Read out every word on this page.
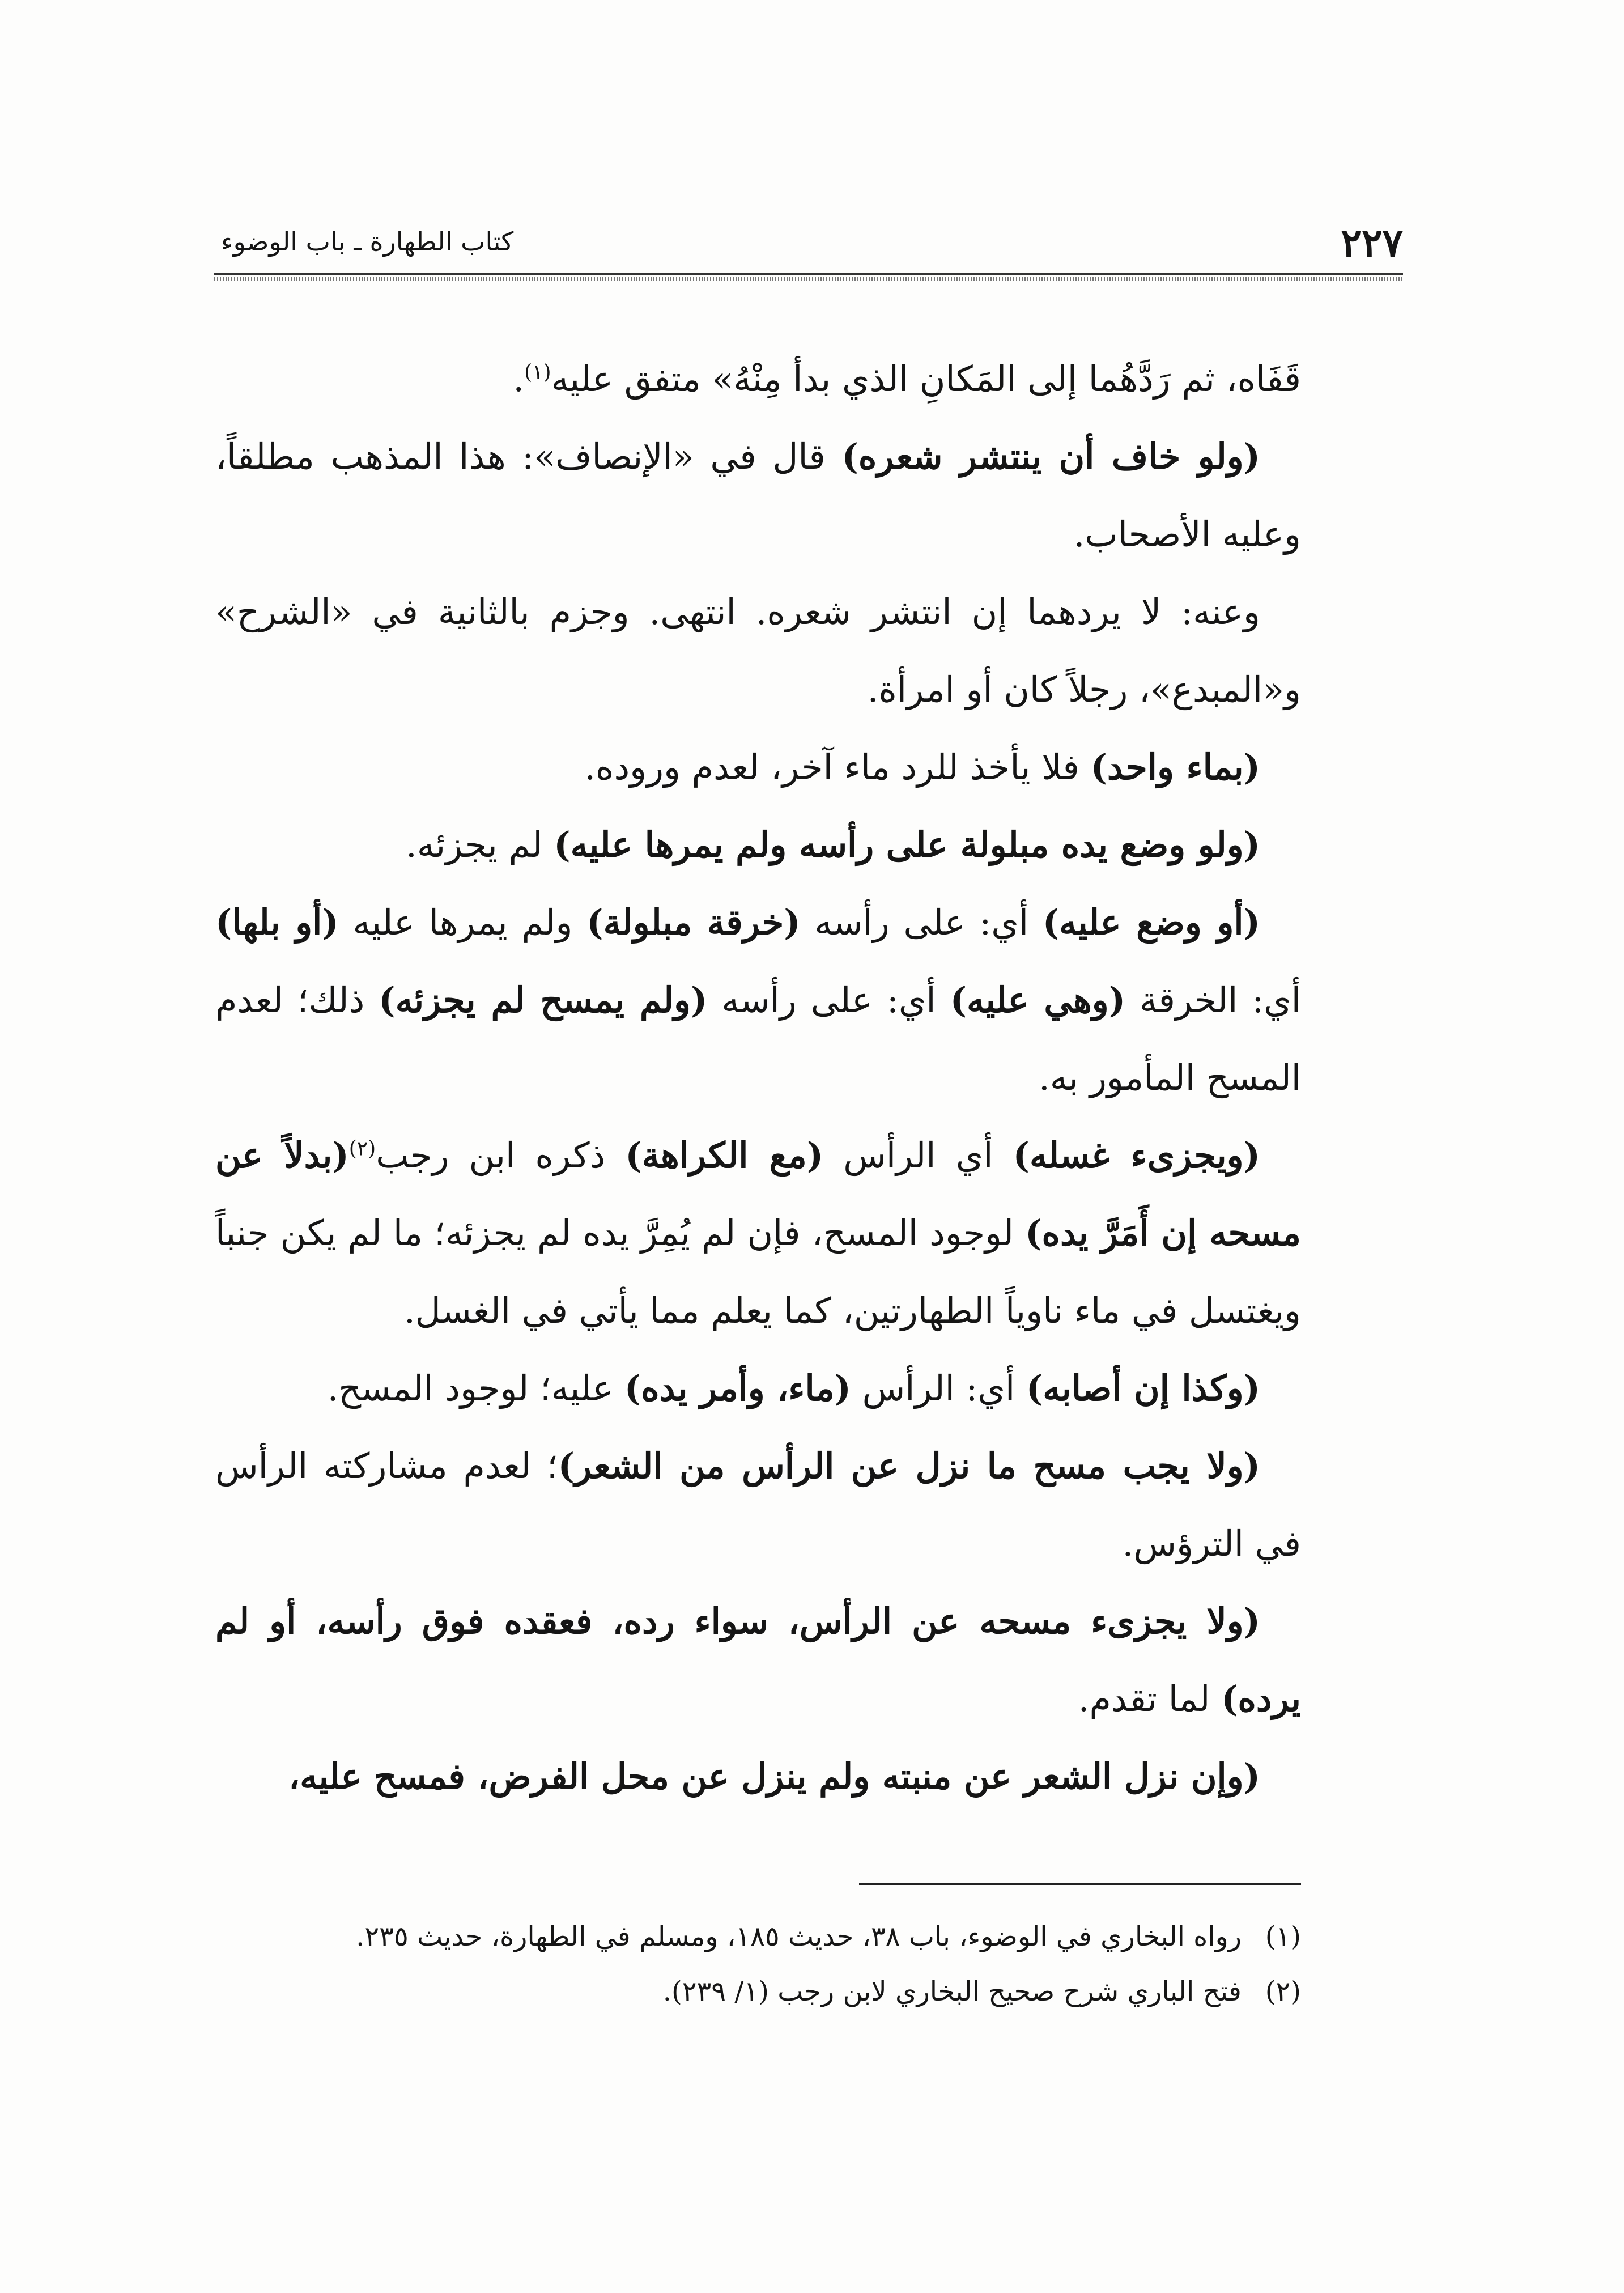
٢٢٧
كتاب الطهارة ـ باب الوضوء

قَفَاه، ثم رَدَّهُما إلى المَكانِ الذي بدأ مِنْهُ» متفق عليه$^{(١)}$.

(ولو خاف أن ينتشر شعره) قال في «الإنصاف»: هذا المذهب مطلقاً، وعليه الأصحاب.

وعنه: لا يردهما إن انتشر شعره. انتهى. وجزم بالثانية في «الشرح» و«المبدع»، رجلاً كان أو امرأة.

(بماء واحد) فلا يأخذ للرد ماء آخر، لعدم وروده.

(ولو وضع يده مبلولة على رأسه ولم يمرها عليه) لم يجزئه.

(أو وضع عليه) أي: على رأسه (خرقة مبلولة) ولم يمرها عليه (أو بلها) أي: الخرقة (وهي عليه) أي: على رأسه (ولم يمسح لم يجزئه) ذلك؛ لعدم المسح المأمور به.

(ويجزىء غسله) أي الرأس (مع الكراهة) ذكره ابن رجب$^{(٢)}$(بدلاً عن مسحه إن أَمَرَّ يده) لوجود المسح، فإن لم يُمِرَّ يده لم يجزئه؛ ما لم يكن جنباً ويغتسل في ماء ناوياً الطهارتين، كما يعلم مما يأتي في الغسل.

(وكذا إن أصابه) أي: الرأس (ماء، وأمر يده) عليه؛ لوجود المسح.

(ولا يجب مسح ما نزل عن الرأس من الشعر)؛ لعدم مشاركته الرأس في الترؤس.

(ولا يجزىء مسحه عن الرأس، سواء رده، فعقده فوق رأسه، أو لم يرده) لما تقدم.

(وإن نزل الشعر عن منبته ولم ينزل عن محل الفرض، فمسح عليه،

(١)
رواه البخاري في الوضوء، باب ٣٨، حديث ١٨٥، ومسلم في الطهارة، حديث ٢٣٥.
(٢)
فتح الباري شرح صحيح البخاري لابن رجب (١/ ٢٣٩).
